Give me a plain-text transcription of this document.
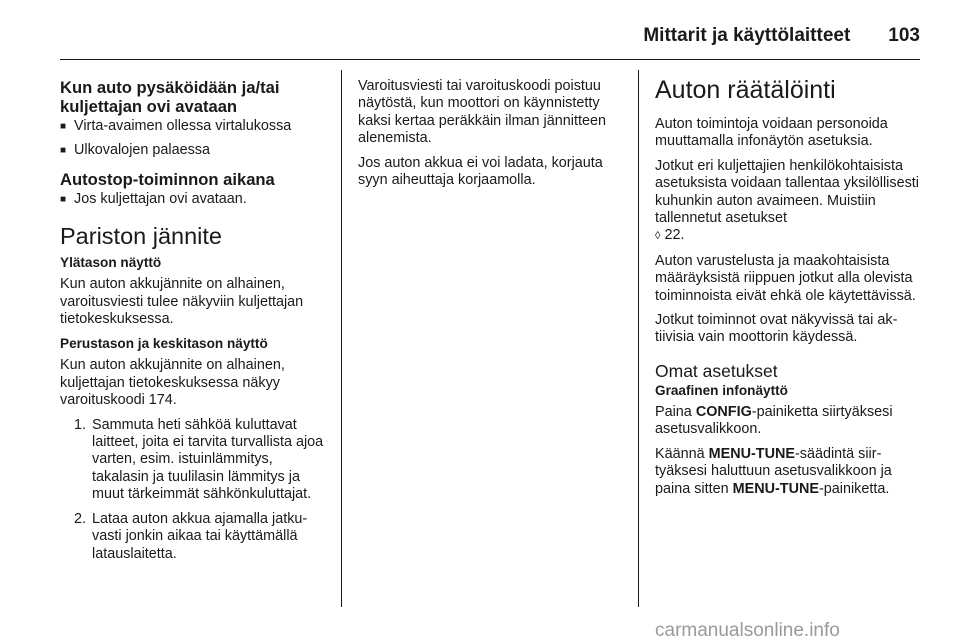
Mittarit ja käyttölaitteet 103
Kun auto pysäköidään ja/tai kuljettajan ovi avataan
■ Virta-avaimen ollessa virtalukossa
■ Ulkovalojen palaessa
Autostop-toiminnon aikana
■ Jos kuljettajan ovi avataan.
Pariston jännite
Ylätason näyttö

Kun auton akkujännite on alhainen, varoitusviesti tulee näkyviin kuljettajan tietokeskuksessa.

Perustason ja keskitason näyttö

Kun auton akkujännite on alhainen, kuljettajan tietokeskuksessa näkyy varoituskoodi 174.

1. Sammuta heti sähköä kuluttavat laitteet, joita ei tarvita turvallista ajoa varten, esim. istuinlämmitys, takalasin ja tuulilasin lämmitys ja muut tärkeimmät sähkönkuluttajat.
2. Lataa auton akkua ajamalla jatkuvasti jonkin aikaa tai käyttämällä latauslaitetta.

Varoitusviesti tai varoituskoodi poistuu näytöstä, kun moottori on käynnistetty kaksi kertaa peräkkäin ilman jännitteen alenemista.

Jos auton akkua ei voi ladata, korjauta syyn aiheuttaja korjaamolla.

Auton räätälöinti

Auton toimintoja voidaan personoida muuttamalla infonäytön asetuksia.

Jotkut eri kuljettajien henkilökohtaisista asetuksista voidaan tallentaa yksilöllisesti kuhunkin auton avaimeen. Muistiin tallennetut asetukset
◊ 22.

Auton varustelusta ja maakohtaisista määräyksistä riippuen jotkut alla olevista toiminnoista eivät ehkä ole käytettävissä.

Jotkut toiminnot ovat näkyvissä tai aktiivisia vain moottorin käydessä.

Omat asetukset
Graafinen infonäyttö

Paina CONFIG-painiketta siirtyäksesi asetusvalikkoon.

Käännä MENU-TUNE-säädintä siirtyäksesi haluttuun asetusvalikkoon ja paina sitten MENU-TUNE-painiketta.

carmanualsonline.info
